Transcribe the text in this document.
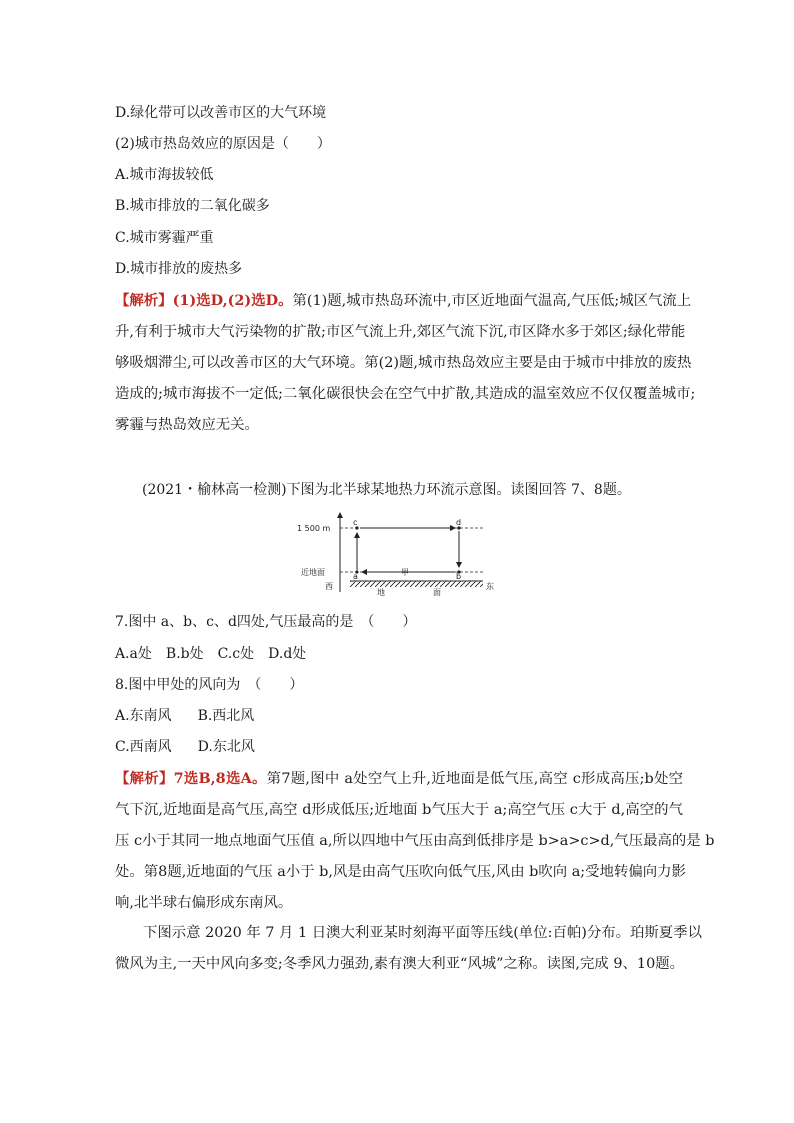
D.绿化带可以改善市区的大气环境
(2)城市热岛效应的原因是（　　）
A.城市海拔较低
B.城市排放的二氧化碳多
C.城市雾霾严重
D.城市排放的废热多
【解析】(1)选D,(2)选D。第(1)题,城市热岛环流中,市区近地面气温高,气压低;城区气流上
升,有利于城市大气污染物的扩散;市区气流上升,郊区气流下沉,市区降水多于郊区;绿化带能
够吸烟滞尘,可以改善市区的大气环境。第(2)题,城市热岛效应主要是由于城市中排放的废热
造成的;城市海拔不一定低;二氧化碳很快会在空气中扩散,其造成的温室效应不仅仅覆盖城市;
雾霾与热岛效应无关。
(2021・榆林高一检测)下图为北半球某地热力环流示意图。读图回答 7、8题。
1 500 m
近地面
西	东
c	d
a	b
甲
地	面
7.图中 a、b、c、d四处,气压最高的是　（　　）
A.a处 B.b处 C.c处 D.d处
8.图中甲处的风向为　（　　）
A.东南风 B.西北风
C.西南风 D.东北风
【解析】7选B,8选A。第7题,图中 a处空气上升,近地面是低气压,高空 c形成高压;b处空
气下沉,近地面是高气压,高空 d形成低压;近地面 b气压大于 a;高空气压 c大于 d,高空的气
压 c小于其同一地点地面气压值 a,所以四地中气压由高到低排序是 b>a>c>d,气压最高的是 b
处。第8题,近地面的气压 a小于 b,风是由高气压吹向低气压,风由 b吹向 a;受地转偏向力影
响,北半球右偏形成东南风。
下图示意 2020 年 7 月 1 日澳大利亚某时刻海平面等压线(单位:百帕)分布。珀斯夏季以
微风为主,一天中风向多变;冬季风力强劲,素有澳大利亚“风城”之称。读图,完成 9、10题。
